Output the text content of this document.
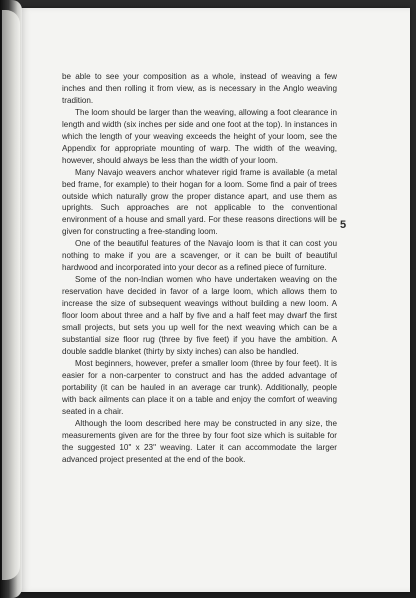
be able to see your composition as a whole, instead of weaving a few inches and then rolling it from view, as is necessary in the Anglo weaving tradition.

The loom should be larger than the weaving, allowing a foot clearance in length and width (six inches per side and one foot at the top). In instances in which the length of your weaving exceeds the height of your loom, see the Appendix for appropriate mounting of warp. The width of the weaving, however, should always be less than the width of your loom.

Many Navajo weavers anchor whatever rigid frame is available (a metal bed frame, for example) to their hogan for a loom. Some find a pair of trees outside which naturally grow the proper distance apart, and use them as uprights. Such approaches are not applicable to the conventional environment of a house and small yard. For these reasons directions will be given for constructing a free-standing loom.

One of the beautiful features of the Navajo loom is that it can cost you nothing to make if you are a scavenger, or it can be built of beautiful hardwood and incorporated into your decor as a refined piece of furniture.

Some of the non-Indian women who have undertaken weaving on the reservation have decided in favor of a large loom, which allows them to increase the size of subsequent weavings without building a new loom. A floor loom about three and a half by five and a half feet may dwarf the first small projects, but sets you up well for the next weaving which can be a substantial size floor rug (three by five feet) if you have the ambition. A double saddle blanket (thirty by sixty inches) can also be handled.

Most beginners, however, prefer a smaller loom (three by four feet). It is easier for a non-carpenter to construct and has the added advantage of portability (it can be hauled in an average car trunk). Additionally, people with back ailments can place it on a table and enjoy the comfort of weaving seated in a chair.

Although the loom described here may be constructed in any size, the measurements given are for the three by four foot size which is suitable for the suggested 10" x 23" weaving. Later it can accommodate the larger advanced project presented at the end of the book.

5
